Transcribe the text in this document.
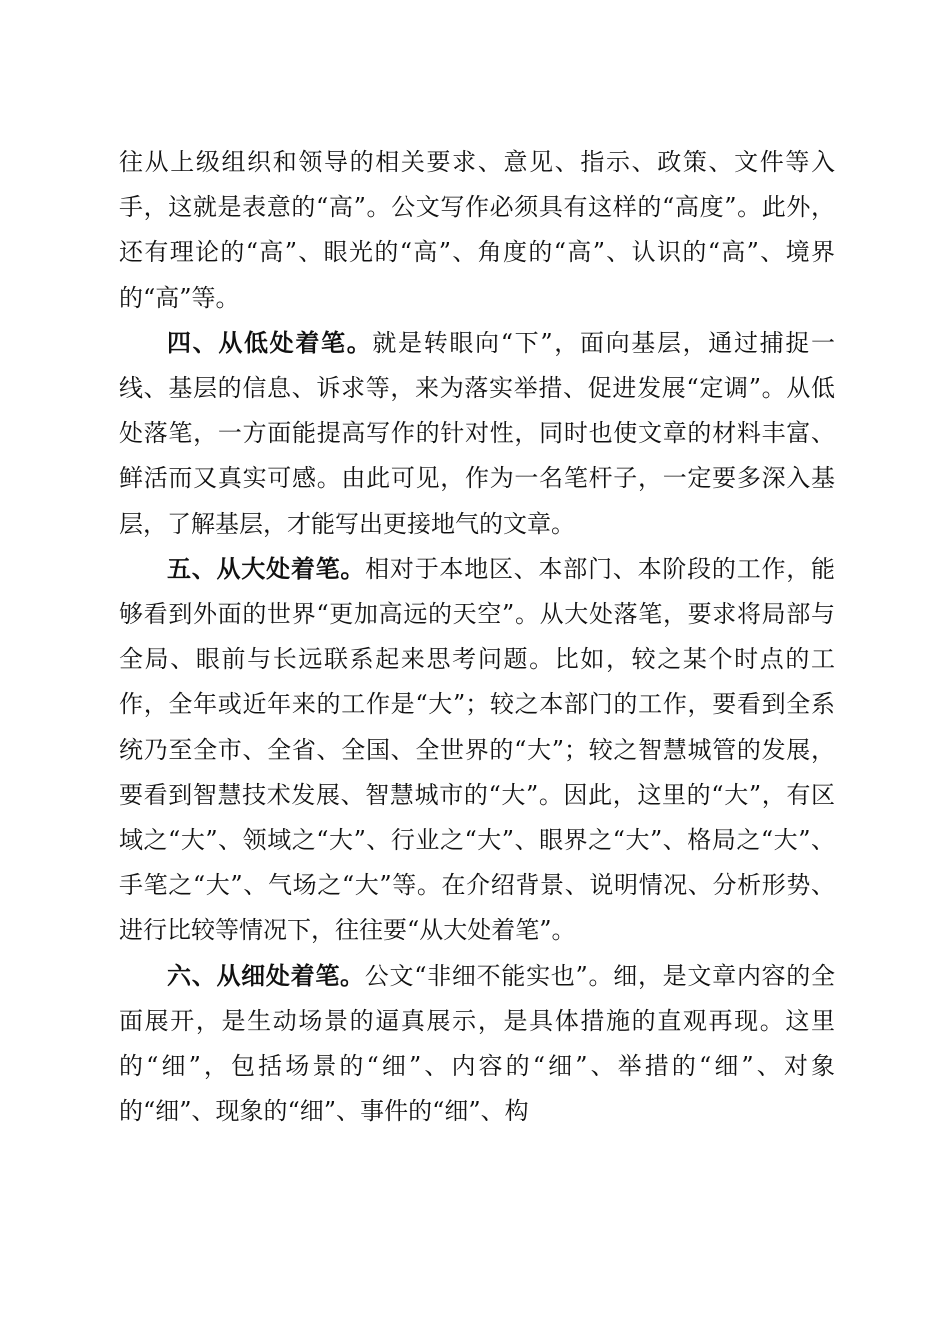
往从上级组织和领导的相关要求、意见、指示、政策、文件等入手，这就是表意的“高”。公文写作必须具有这样的“高度”。此外，还有理论的“高”、眼光的“高”、角度的“高”、认识的“高”、境界的“高”等。

四、从低处着笔。就是转眼向“下”，面向基层，通过捕捉一线、基层的信息、诉求等，来为落实举措、促进发展“定调”。从低处落笔，一方面能提高写作的针对性，同时也使文章的材料丰富、鲜活而又真实可感。由此可见，作为一名笔杆子，一定要多深入基层，了解基层，才能写出更接地气的文章。

五、从大处着笔。相对于本地区、本部门、本阶段的工作，能够看到外面的世界“更加高远的天空”。从大处落笔，要求将局部与全局、眼前与长远联系起来思考问题。比如，较之某个时点的工作，全年或近年来的工作是“大”；较之本部门的工作，要看到全系统乃至全市、全省、全国、全世界的“大”；较之智慧城管的发展，要看到智慧技术发展、智慧城市的“大”。因此，这里的“大”，有区域之“大”、领域之“大”、行业之“大”、眼界之“大”、格局之“大”、手笔之“大”、气场之“大”等。在介绍背景、说明情况、分析形势、进行比较等情况下，往往要“从大处着笔”。

六、从细处着笔。公文“非细不能实也”。细，是文章内容的全面展开，是生动场景的逼真展示，是具体措施的直观再现。这里的“细”，包括场景的“细”、内容的“细”、举措的“细”、对象的“细”、现象的“细”、事件的“细”、构
